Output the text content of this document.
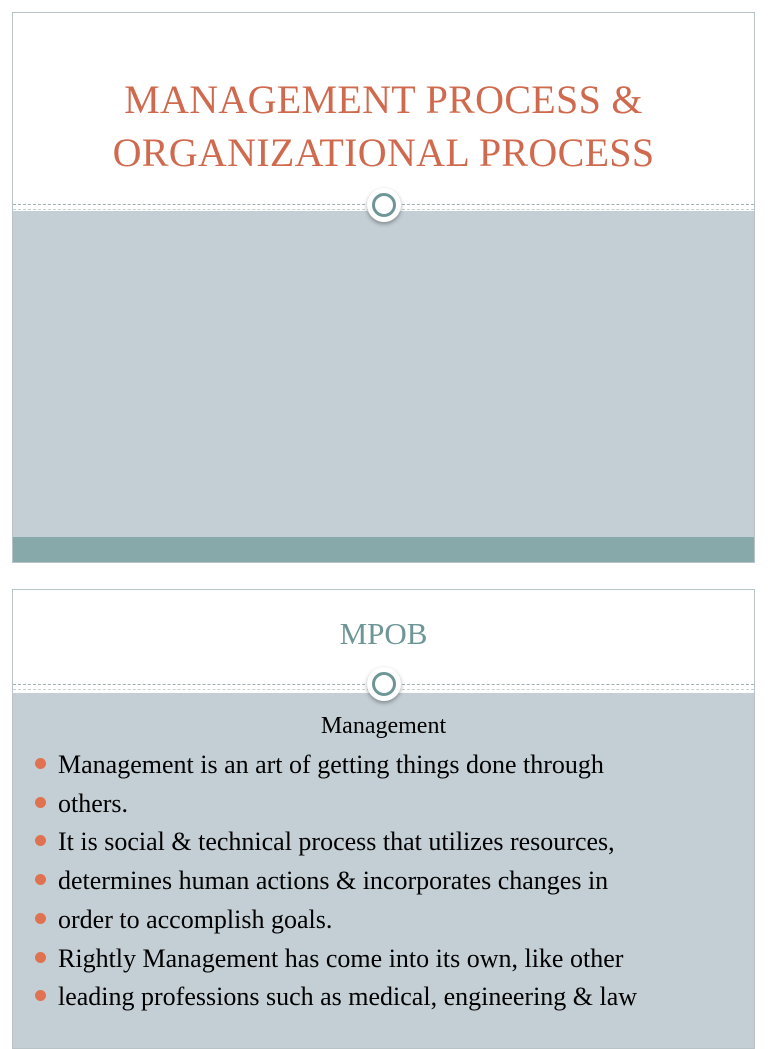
MANAGEMENT PROCESS &
ORGANIZATIONAL PROCESS
MPOB
Management
Management is an art of getting things done through
others.
It is social & technical process that utilizes resources,
determines human actions & incorporates changes in
order to accomplish goals.
Rightly Management has come into its own, like other
leading professions such as medical, engineering & law
